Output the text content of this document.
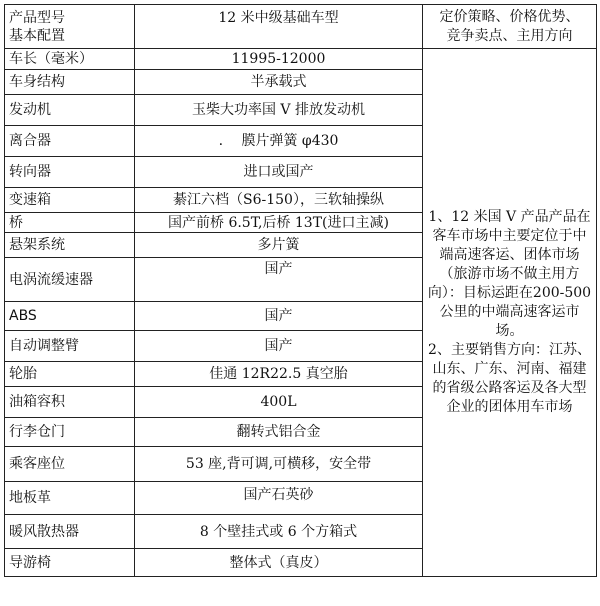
产品型号
基本配置	12 米中级基础车型	定价策略、价格优势、
竞争卖点、主用方向

车长（毫米）	11995-12000	1、12 米国 V 产品产品在客车市场中主要定位于中端高速客运、团体市场（旅游市场不做主用方向）：目标运距在200-500 公里的中端高速客运市场。
2、主要销售方向：江苏、山东、广东、河南、福建的省级公路客运及各大型企业的团体用车市场

车身结构	半承载式	
发动机	玉柴大功率国 V 排放发动机	
离合器	.　 膜片弹簧 φ430	
转向器	进口或国产	
变速箱	綦江六档（S6-150），三软轴操纵	
桥	国产前桥 6.5T,后桥 13T(进口主减)	
悬架系统	多片簧	
电涡流缓速器	国产	
ABS	国产	
自动调整臂	国产	
轮胎	佳通 12R22.5 真空胎	
油箱容积	400L	
行李仓门	翻转式铝合金	
乘客座位	53 座,背可调,可横移，安全带	
地板革	国产石英砂	
暖风散热器	8 个壁挂式或 6 个方箱式	
导游椅	整体式（真皮）	
